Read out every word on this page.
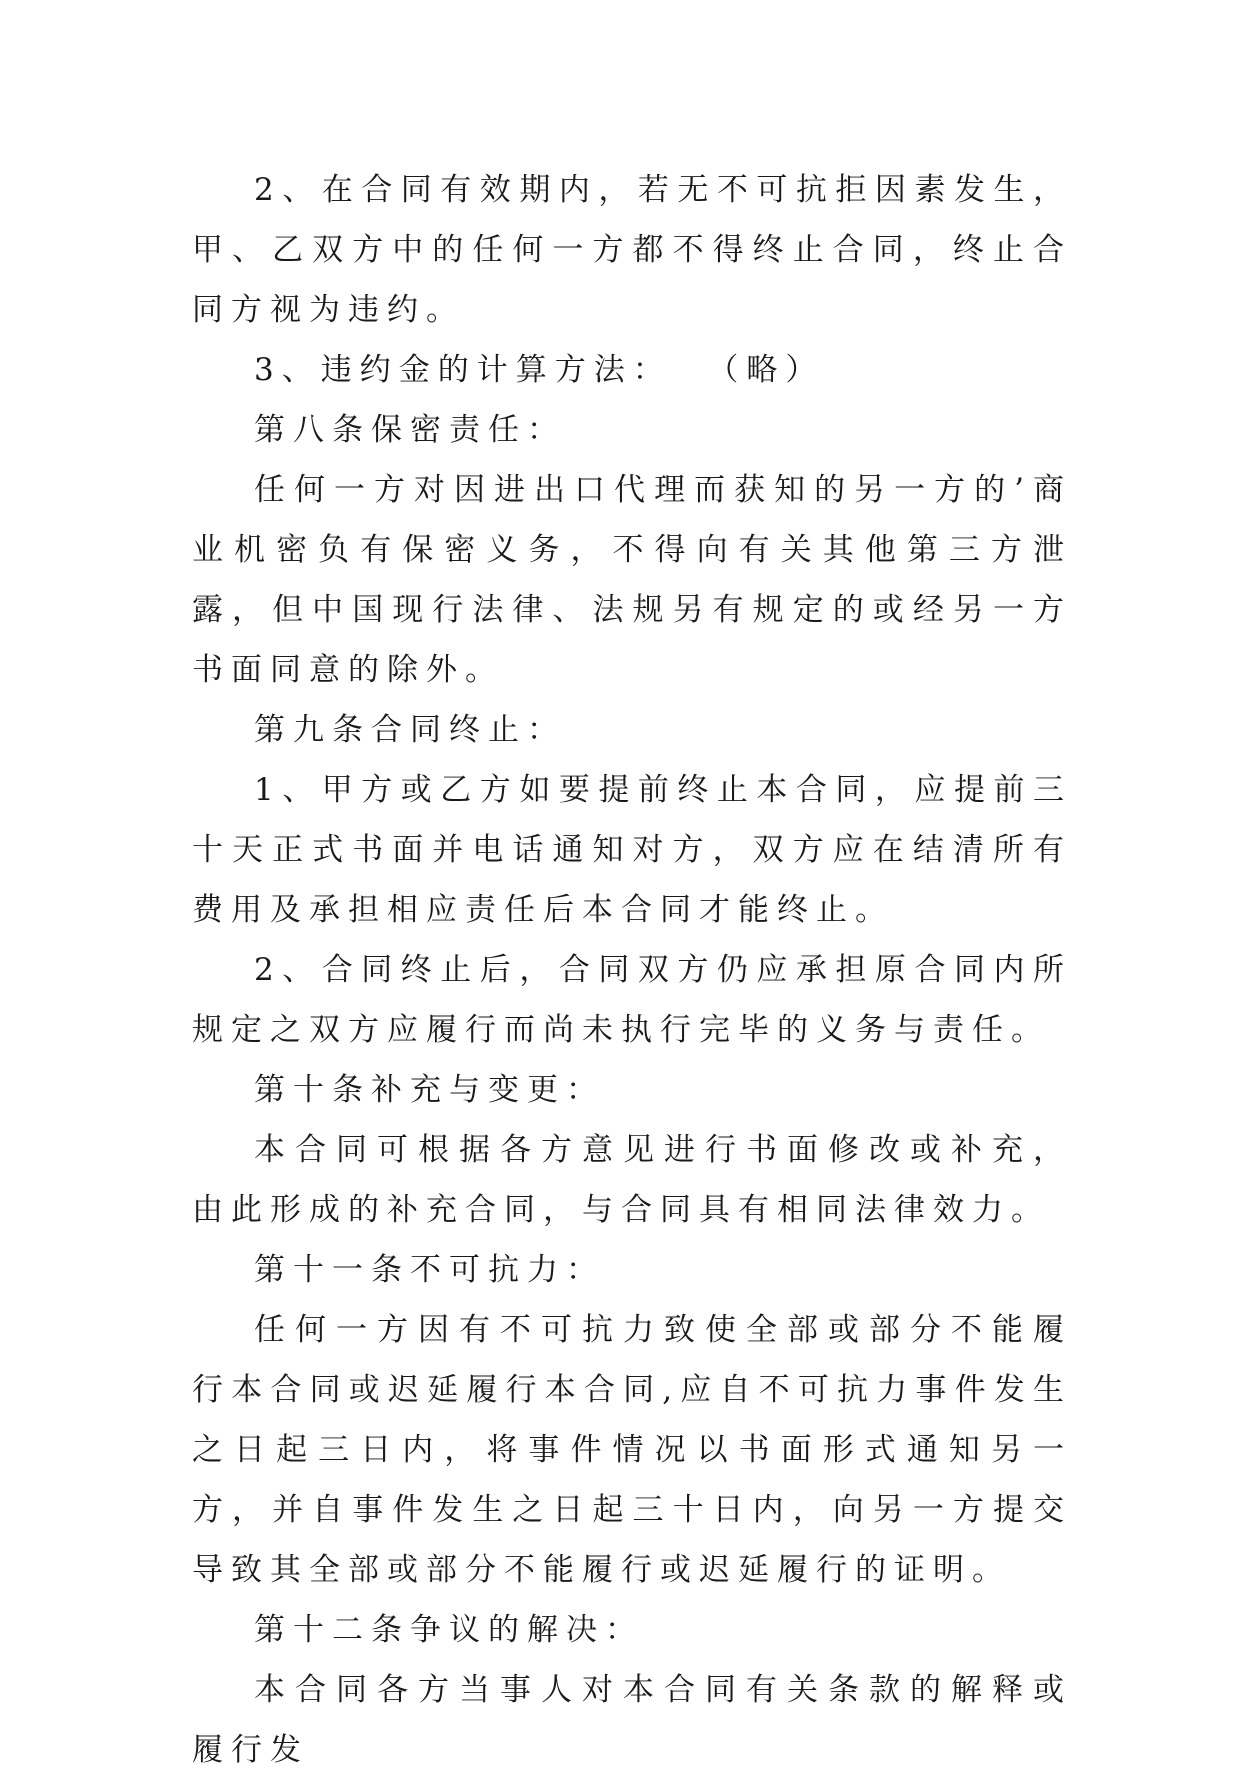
2、在合同有效期内，若无不可抗拒因素发生，甲、乙双方中的任何一方都不得终止合同，终止合同方视为违约。

3、违约金的计算方法：  （略）

第八条保密责任：

任何一方对因进出口代理而获知的另一方的’商业机密负有保密义务，不得向有关其他第三方泄露，但中国现行法律、法规另有规定的或经另一方书面同意的除外。

第九条合同终止：

1、甲方或乙方如要提前终止本合同，应提前三十天正式书面并电话通知对方，双方应在结清所有费用及承担相应责任后本合同才能终止。

2、合同终止后，合同双方仍应承担原合同内所规定之双方应履行而尚未执行完毕的义务与责任。

第十条补充与变更：

本合同可根据各方意见进行书面修改或补充，由此形成的补充合同，与合同具有相同法律效力。

第十一条不可抗力：

任何一方因有不可抗力致使全部或部分不能履行本合同或迟延履行本合同,应自不可抗力事件发生之日起三日内，将事件情况以书面形式通知另一方，并自事件发生之日起三十日内，向另一方提交导致其全部或部分不能履行或迟延履行的证明。

第十二条争议的解决：

本合同各方当事人对本合同有关条款的解释或履行发
